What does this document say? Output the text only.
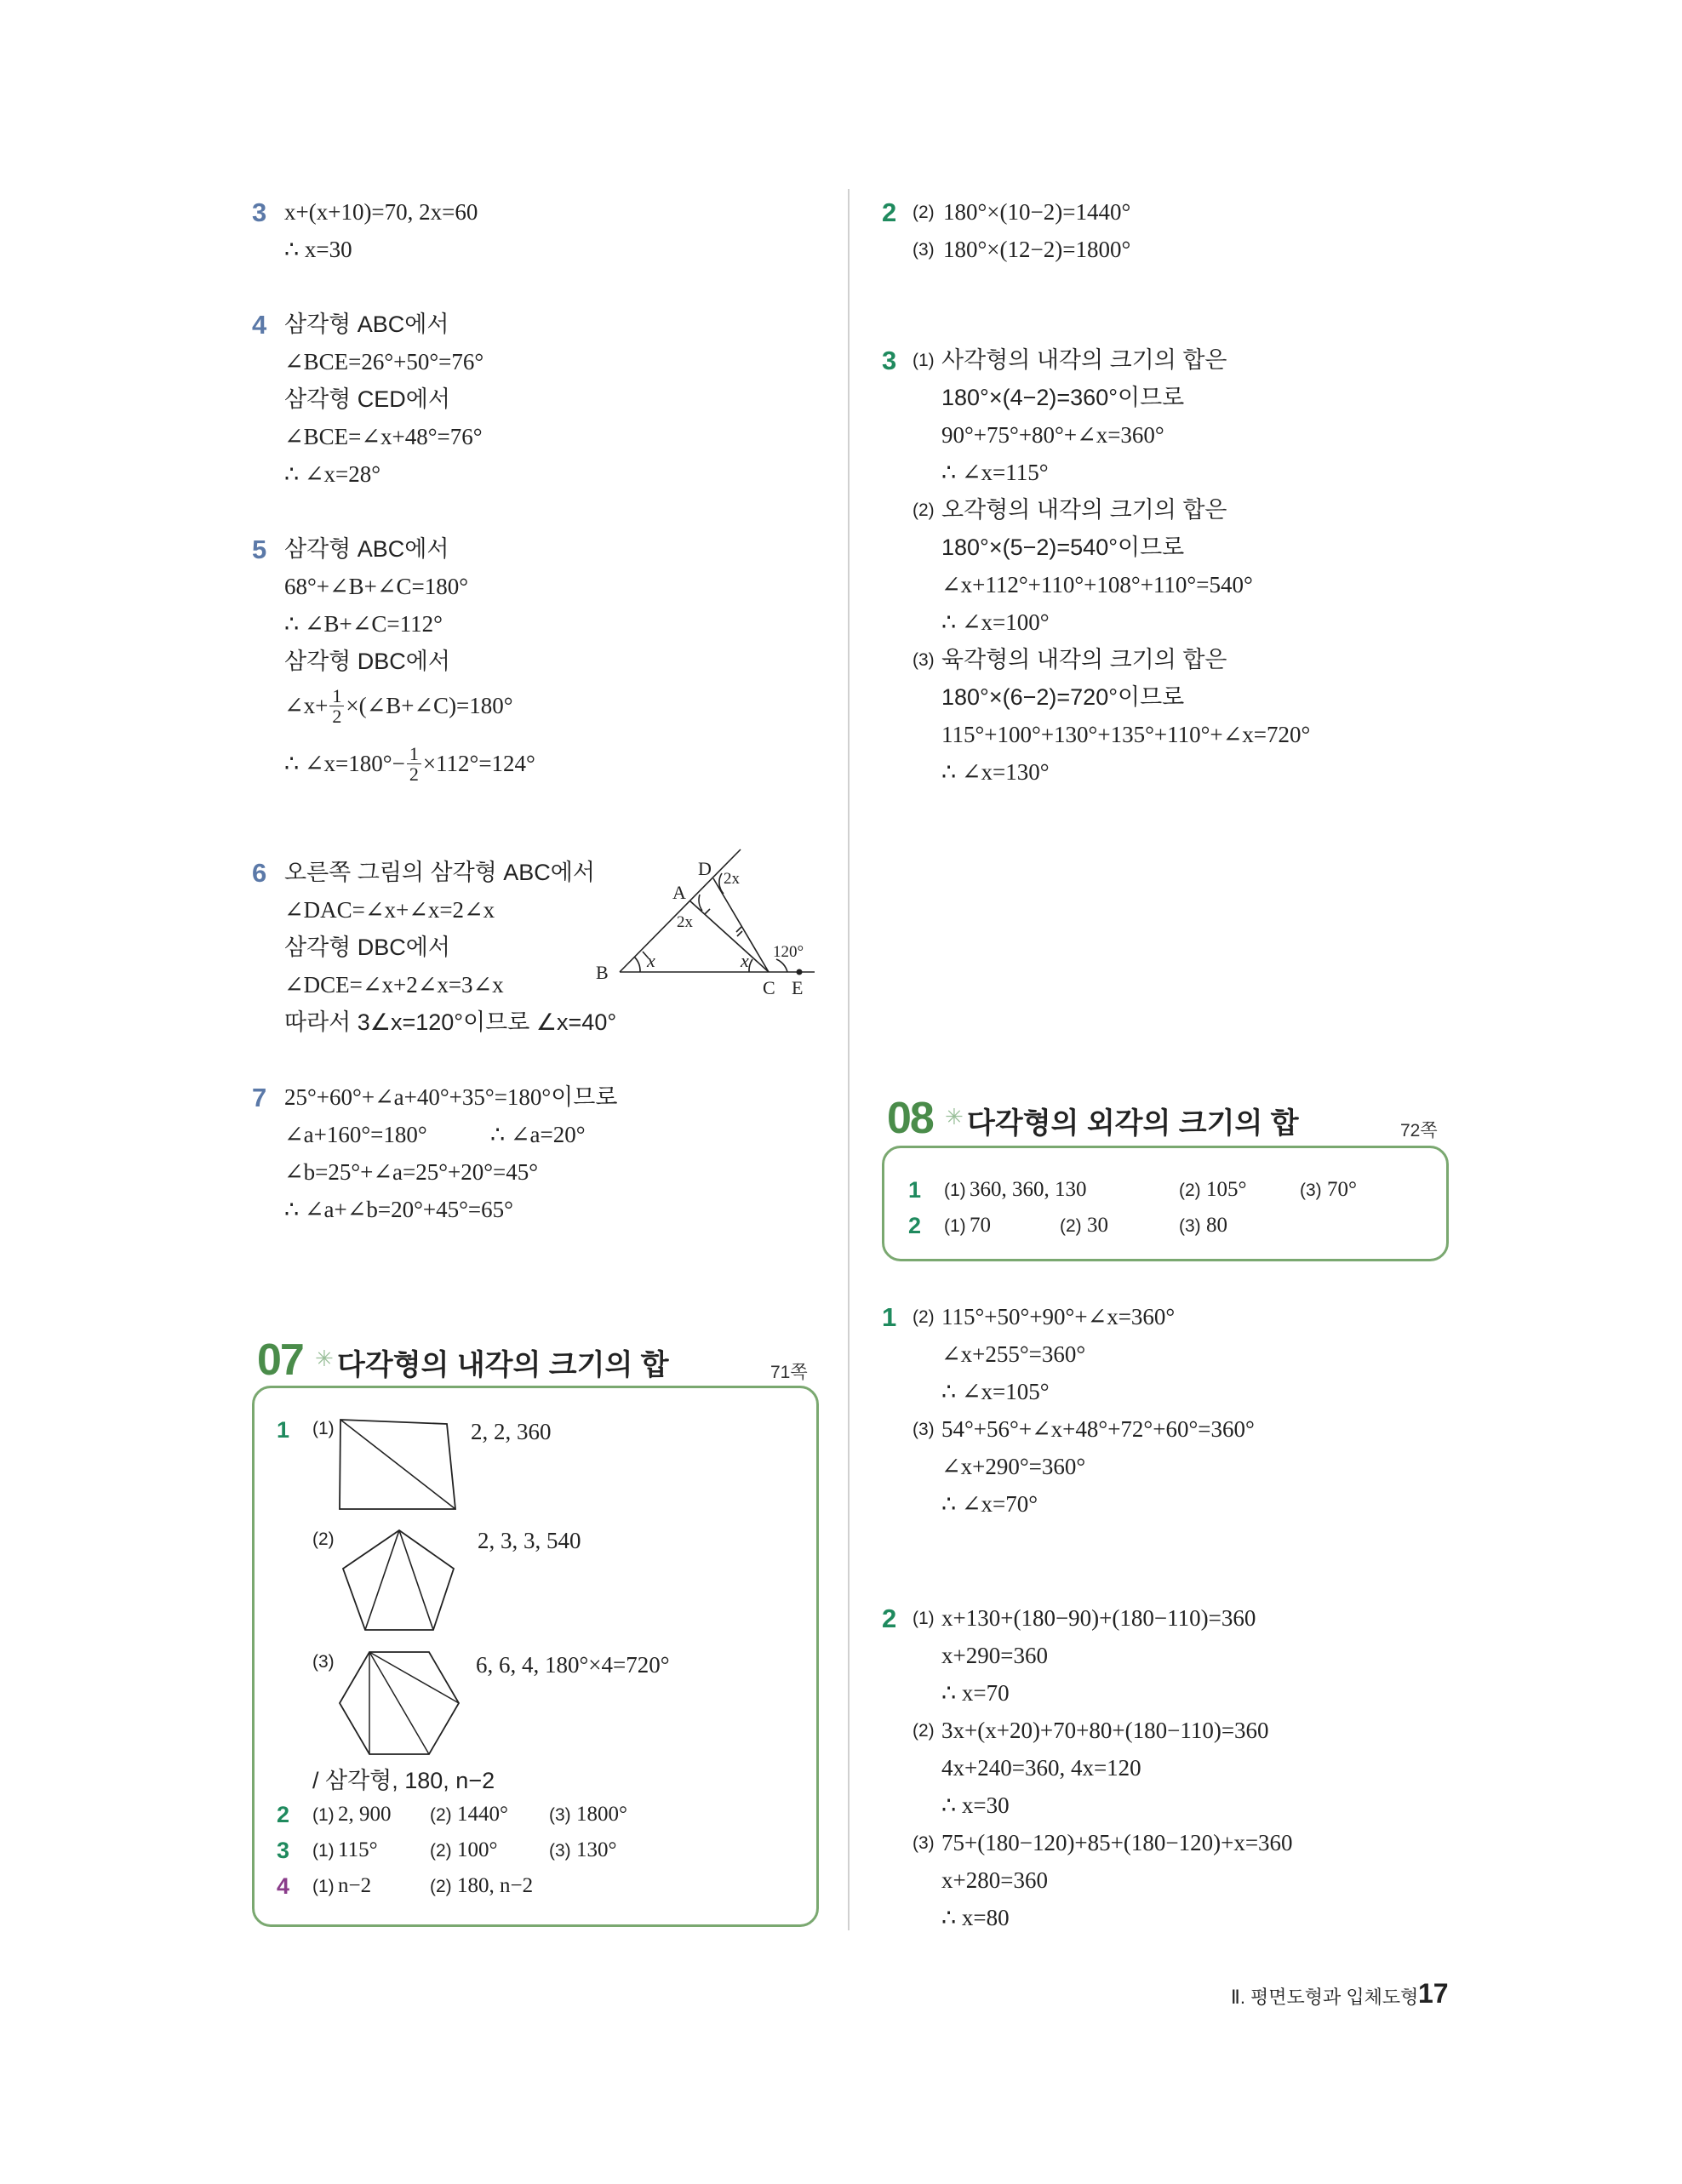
3 x+(x+10)=70, 2x=60
∴ x=30
4 삼각형 ABC에서
∠BCE=26°+50°=76°
삼각형 CED에서
∠BCE=∠x+48°=76°
∴ ∠x=28°
5 삼각형 ABC에서
68°+∠B+∠C=180°
∴ ∠B+∠C=112°
삼각형 DBC에서
∠x+ $\frac{1}{2}$ ×(∠B+∠C)=180°
∴ ∠x=180°− $\frac{1}{2} \times 112^\circ=124^\circ$
6 오른쪽 그림의 삼각형 ABC에서
∠DAC=∠x+∠x=2∠x
삼각형 DBC에서
∠DCE=∠x+2∠x=3∠x
따라서 3∠x=120°이므로 ∠x=40°
B
A
D
C E
x	x
2x
2x
120°
7 25°+60°+∠a+40°+35°=180°이므로
∠a+160°=180°	∴ ∠a=20°
∠b=25°+∠a=25°+20°=45°
∴ ∠a+∠b=20°+45°=65°
07 ✳ 다각형의 내각의 크기의 합	71쪽
1 (1)	2, 2, 360
(2)	2, 3, 3, 540
(3)	6, 6, 4, 180°×4=720°
/ 삼각형, 180, n−2
2 (1) 2, 900 (2) 1440° (3) 1800°
3 (1) 115°	(2) 100°	(3) 130°
4 (1) n−2	(2) 180, n−2
2 (2) 180°×(10−2)=1440°
(3) 180°×(12−2)=1800°
3 (1) 사각형의 내각의 크기의 합은
180°×(4−2)=360°이므로
90°+75°+80°+∠x=360°
∴ ∠x=115°
(2) 오각형의 내각의 크기의 합은
180°×(5−2)=540°이므로
∠x+112°+110°+108°+110°=540°
∴ ∠x=100°
(3) 육각형의 내각의 크기의 합은
180°×(6−2)=720°이므로
115°+100°+130°+135°+110°+∠x=720°
∴ ∠x=130°
08 ✳ 다각형의 외각의 크기의 합	72쪽
1 (1) 360, 360, 130	(2) 105°	(3) 70°
2 (1) 70	(2) 30	(3) 80
1 (2) 115°+50°+90°+∠x=360°
∠x+255°=360°
∴ ∠x=105°
(3) 54°+56°+∠x+48°+72°+60°=360°
∠x+290°=360°
∴ ∠x=70°
2 (1) x+130+(180−90)+(180−110)=360
x+290=360
∴ x=70
(2) 3x+(x+20)+70+80+(180−110)=360
4x+240=360, 4x=120
∴ x=30
(3) 75+(180−120)+85+(180−120)+x=360
x+280=360
∴ x=80
Ⅱ. 평면도형과 입체도형 17
